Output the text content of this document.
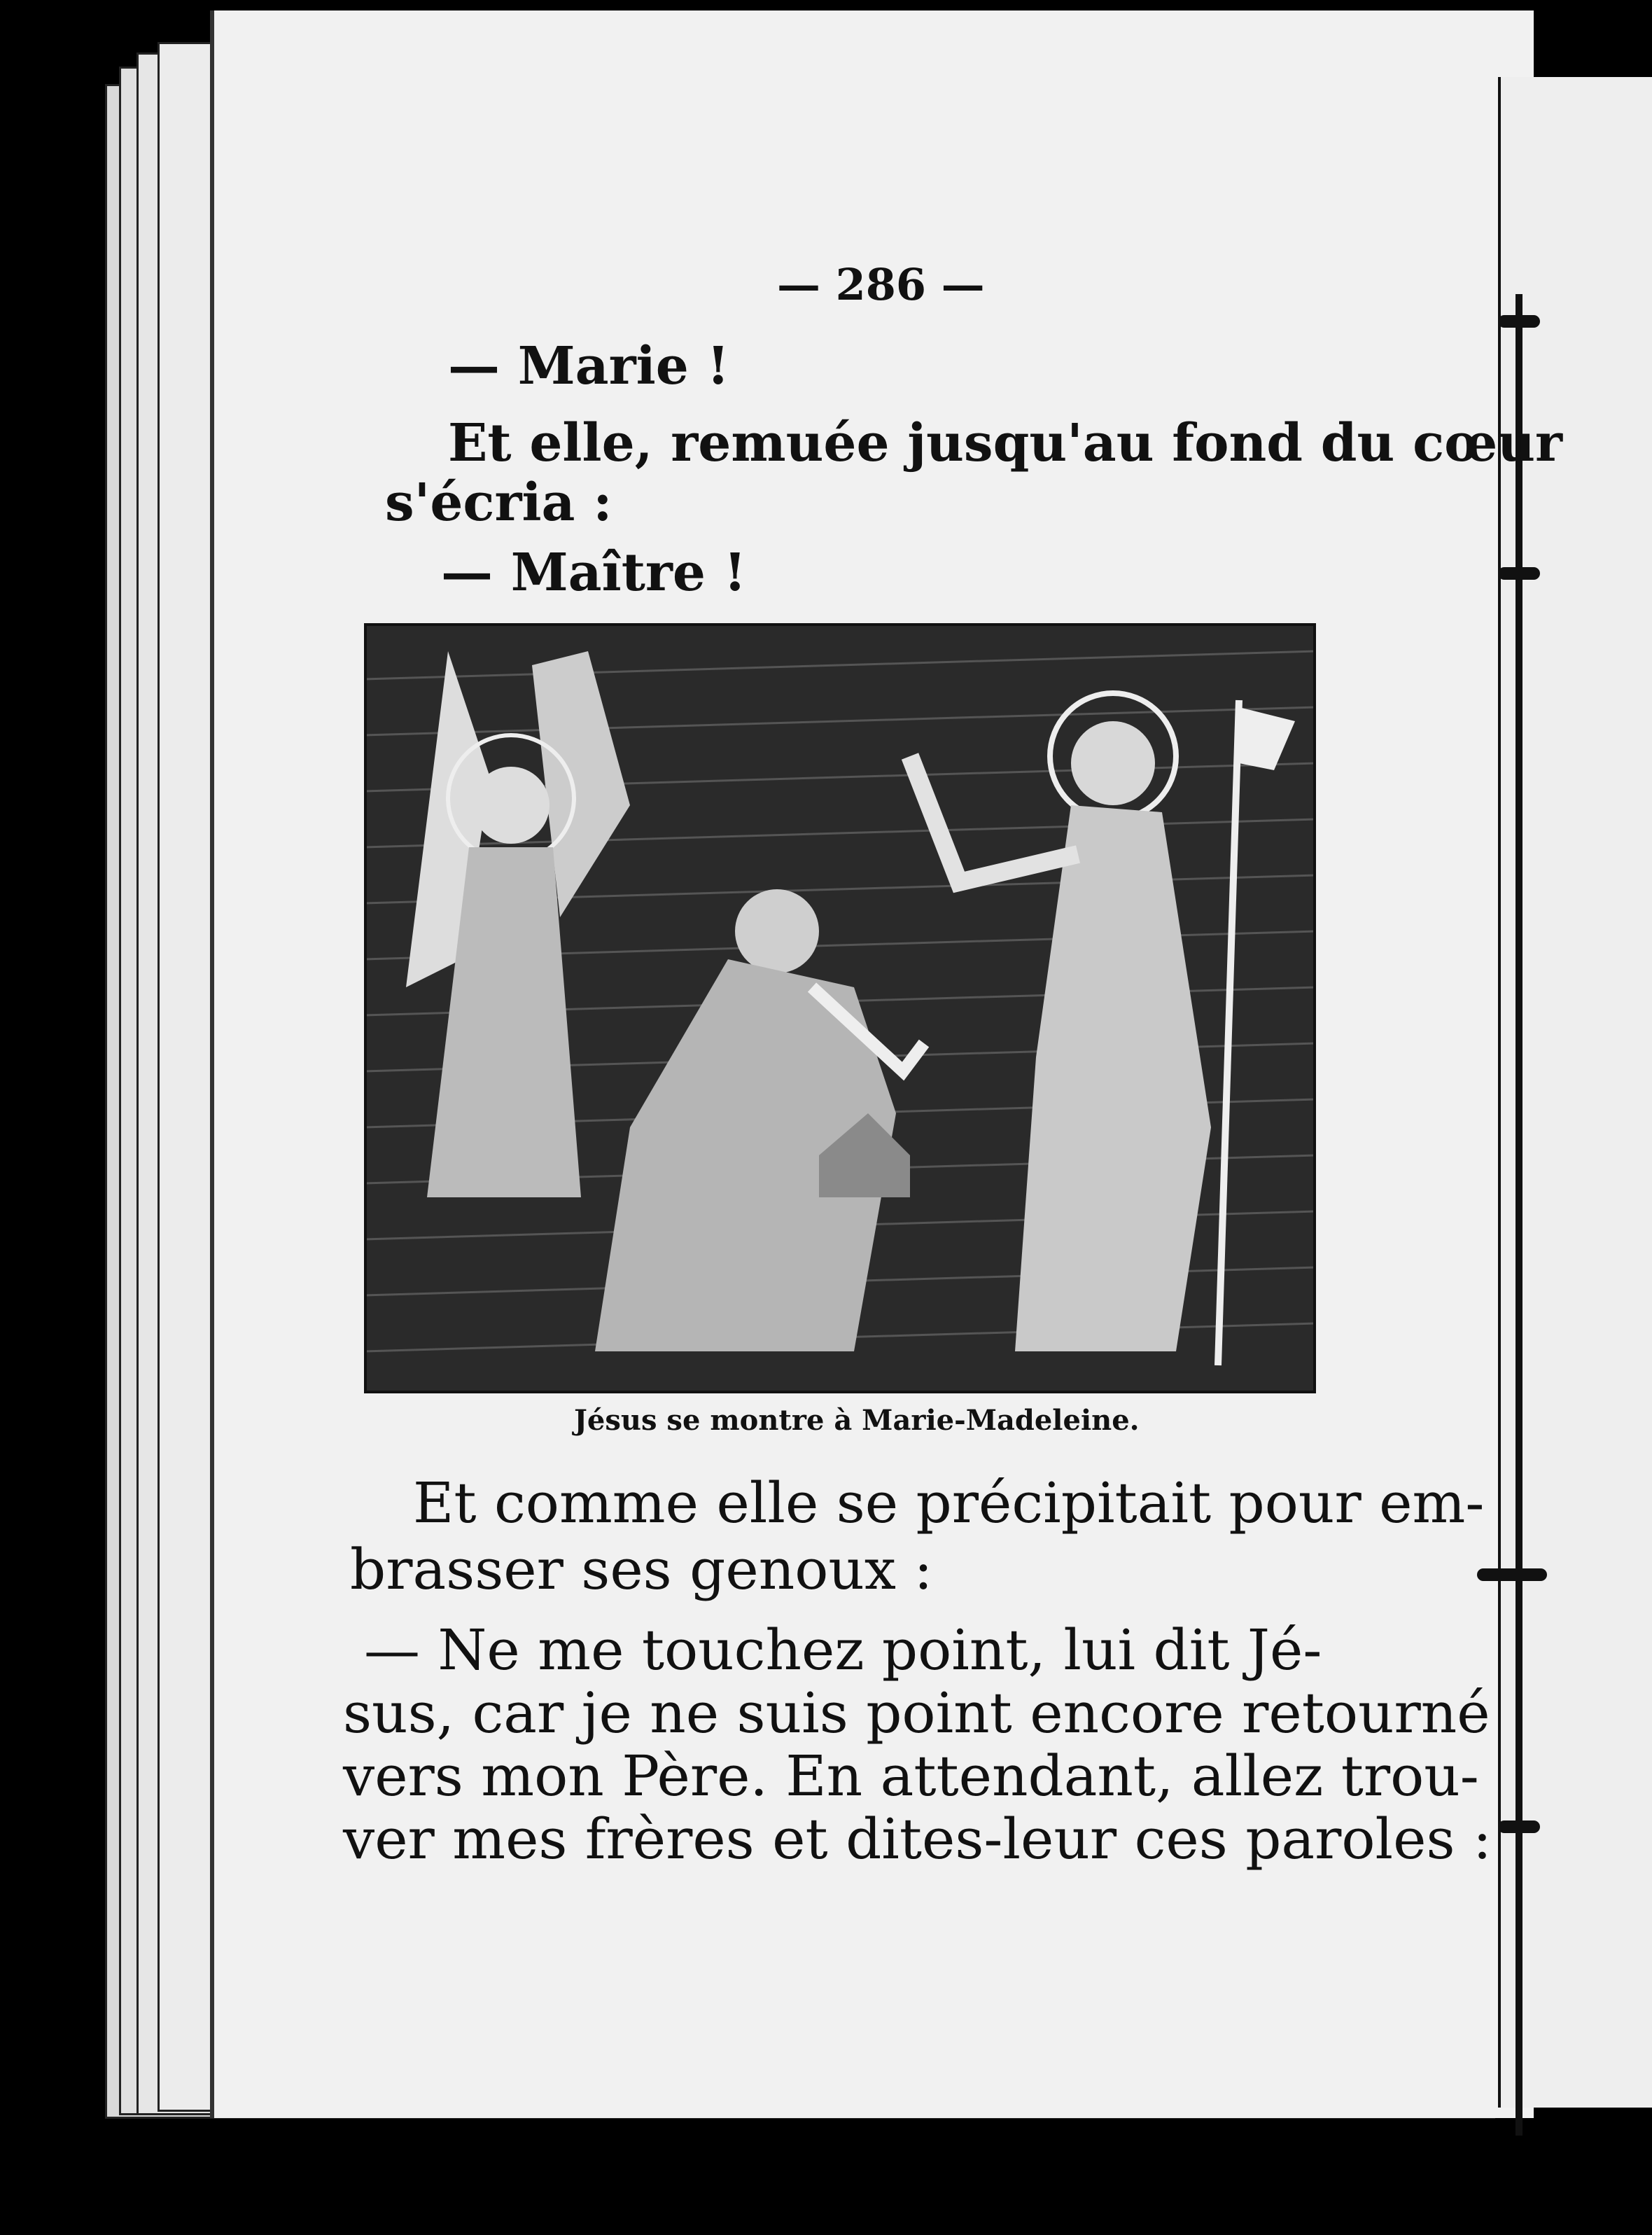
— 286 —
— Marie !
Et elle, remuée jusqu'au fond du cœur
s'écria :
— Maître !
Jésus se montre à Marie-Madeleine.
Et comme elle se précipitait pour em-
brasser ses genoux :
— Ne me touchez point, lui dit Jé-
sus, car je ne suis point encore retourné
vers mon Père. En attendant, allez trou-
ver mes frères et dites-leur ces paroles :
